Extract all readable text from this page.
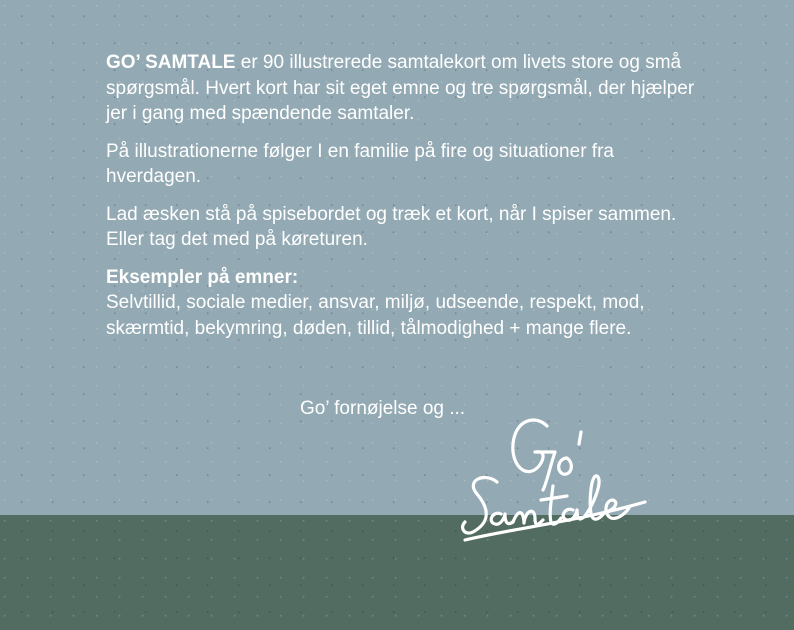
GO’ SAMTALE er 90 illustrerede samtalekort om livets store og små spørgsmål. Hvert kort har sit eget emne og tre spørgsmål, der hjælper jer i gang med spændende samtaler.

På illustrationerne følger I en familie på fire og situationer fra hverdagen.

Lad æsken stå på spisebordet og træk et kort, når I spiser sammen. Eller tag det med på køreturen.

Eksempler på emner:
Selvtillid, sociale medier, ansvar, miljø, udseende, respekt, mod, skærmtid, bekymring, døden, tillid, tålmodighed + mange flere.

Go’ fornøjelse og ...
